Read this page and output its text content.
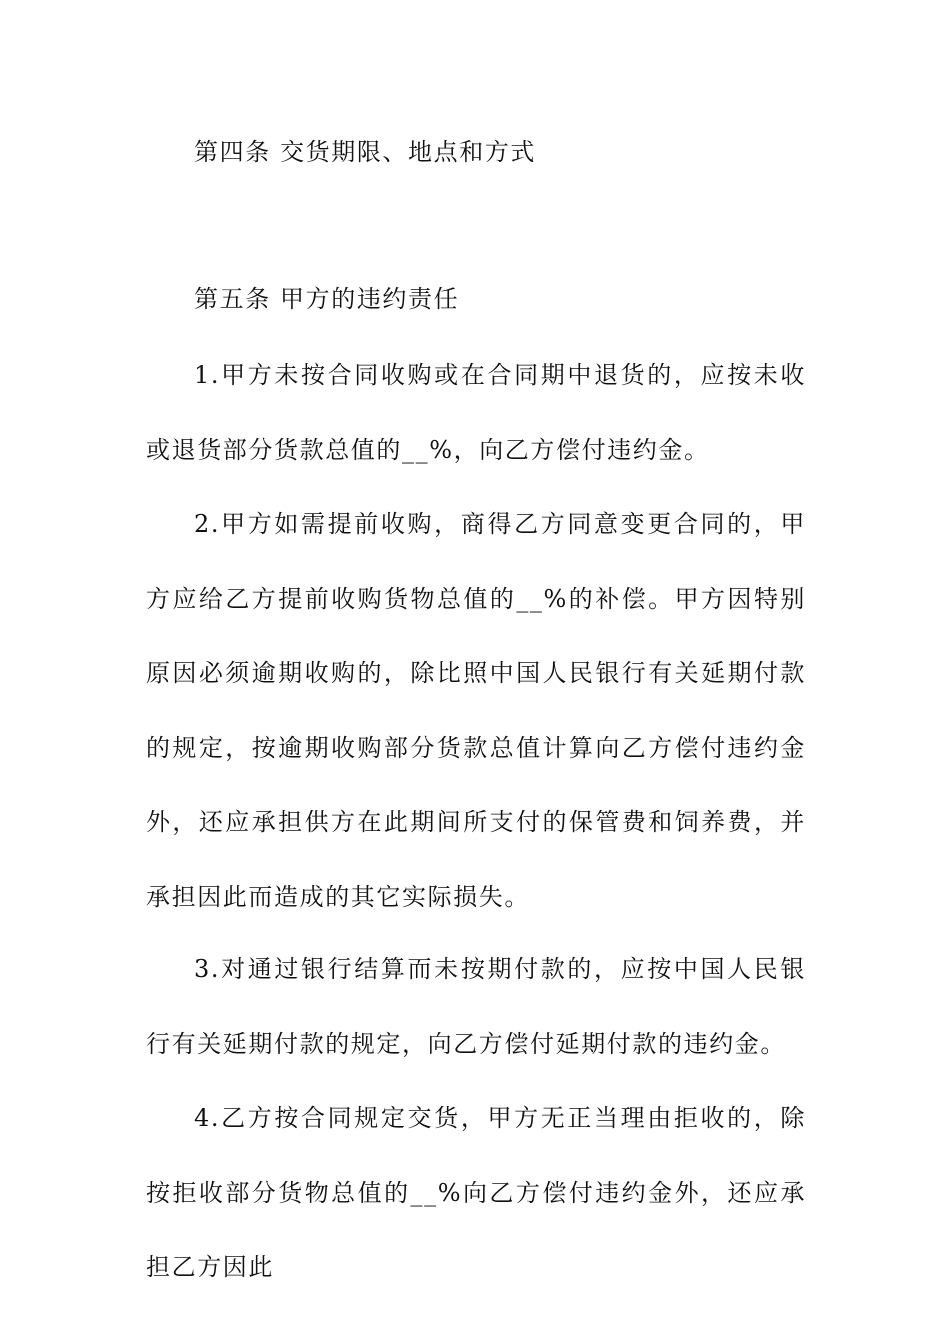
第四条 交货期限、地点和方式

第五条 甲方的违约责任

1.甲方未按合同收购或在合同期中退货的，应按未收或退货部分货款总值的__%，向乙方偿付违约金。

2.甲方如需提前收购，商得乙方同意变更合同的，甲方应给乙方提前收购货物总值的__%的补偿。甲方因特别原因必须逾期收购的，除比照中国人民银行有关延期付款的规定，按逾期收购部分货款总值计算向乙方偿付违约金外，还应承担供方在此期间所支付的保管费和饲养费，并承担因此而造成的其它实际损失。

3.对通过银行结算而未按期付款的，应按中国人民银行有关延期付款的规定，向乙方偿付延期付款的违约金。

4.乙方按合同规定交货，甲方无正当理由拒收的，除按拒收部分货物总值的__%向乙方偿付违约金外，还应承担乙方因此
